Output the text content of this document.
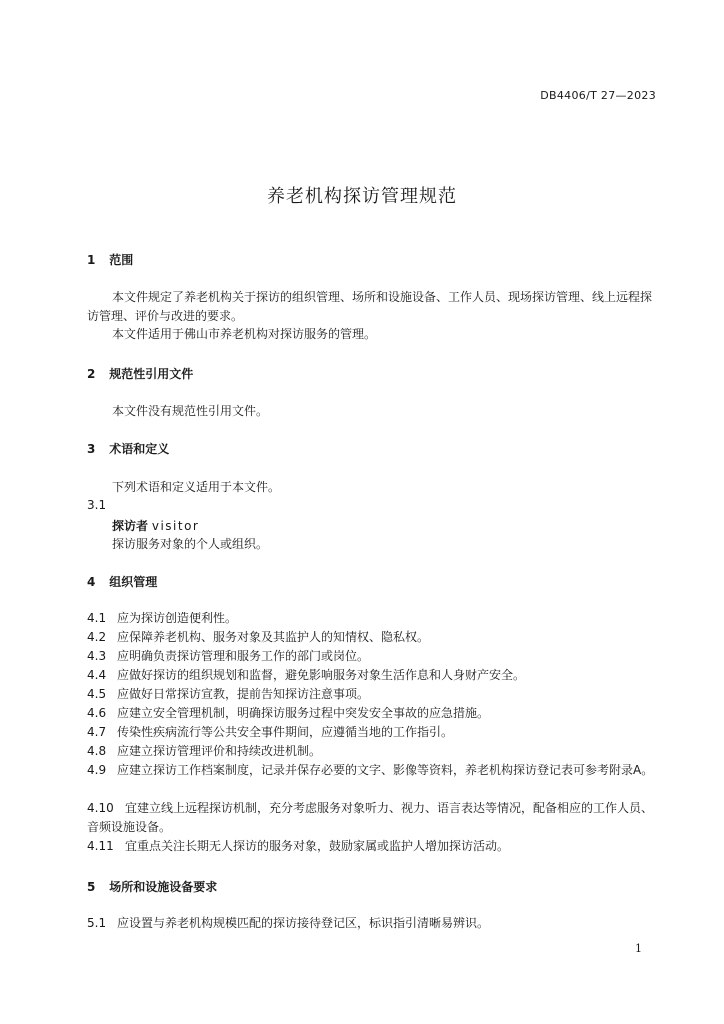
DB4406/T 27—2023
养老机构探访管理规范
1 范围
本文件规定了养老机构关于探访的组织管理、场所和设施设备、工作人员、现场探访管理、线上远程探访管理、评价与改进的要求。
本文件适用于佛山市养老机构对探访服务的管理。
2 规范性引用文件
本文件没有规范性引用文件。
3 术语和定义
下列术语和定义适用于本文件。
3.1
探访者 visitor
探访服务对象的个人或组织。
4 组织管理
4.1 应为探访创造便利性。
4.2 应保障养老机构、服务对象及其监护人的知情权、隐私权。
4.3 应明确负责探访管理和服务工作的部门或岗位。
4.4 应做好探访的组织规划和监督，避免影响服务对象生活作息和人身财产安全。
4.5 应做好日常探访宣教，提前告知探访注意事项。
4.6 应建立安全管理机制，明确探访服务过程中突发安全事故的应急措施。
4.7 传染性疾病流行等公共安全事件期间，应遵循当地的工作指引。
4.8 应建立探访管理评价和持续改进机制。
4.9 应建立探访工作档案制度，记录并保存必要的文字、影像等资料，养老机构探访登记表可参考附录A。
4.10 宜建立线上远程探访机制，充分考虑服务对象听力、视力、语言表达等情况，配备相应的工作人员、音频设施设备。
4.11 宜重点关注长期无人探访的服务对象，鼓励家属或监护人增加探访活动。
5 场所和设施设备要求
5.1 应设置与养老机构规模匹配的探访接待登记区，标识指引清晰易辨识。
1
